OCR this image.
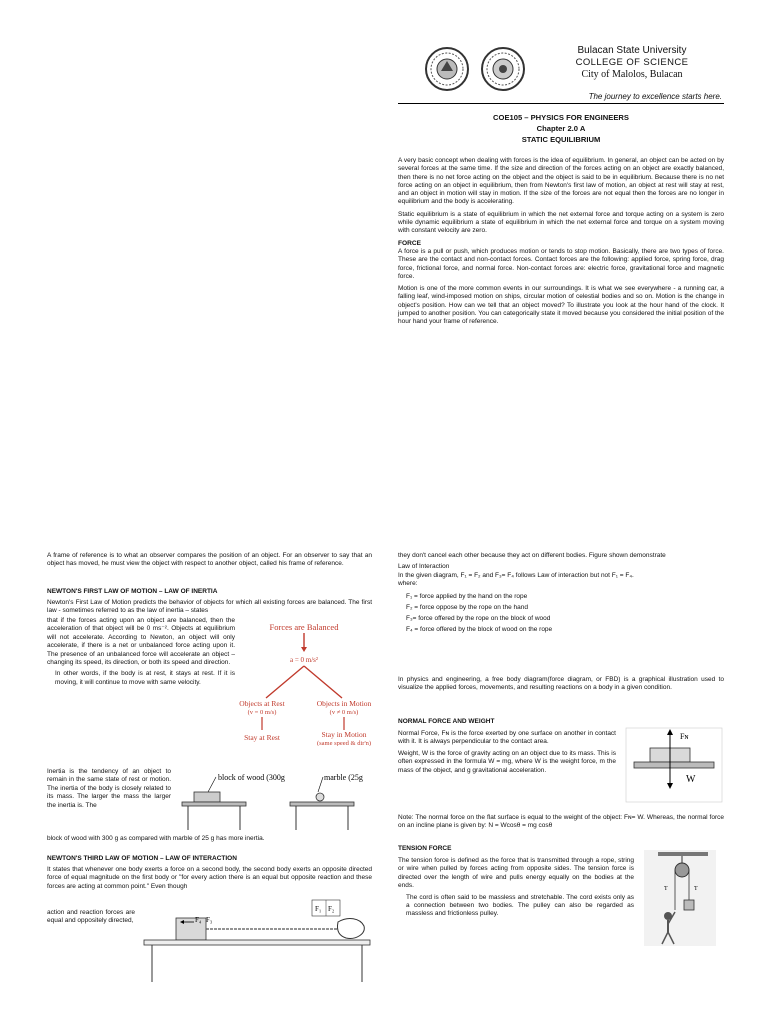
Bulacan State University
COLLEGE OF SCIENCE
City of Malolos, Bulacan
The journey to excellence starts here.
COE105 – PHYSICS FOR ENGINEERS
Chapter 2.0 A
STATIC EQUILIBRIUM

A very basic concept when dealing with forces is the idea of equilibrium. In general, an object can be acted on by several forces at the same time. If the size and direction of the forces acting on an object are exactly balanced, then there is no net force acting on the object and the object is said to be in equilibrium. Because there is no net force acting on an object in equilibrium, then from Newton's first law of motion, an object at rest will stay at rest, and an object in motion will stay in motion. If the size of the forces are not equal then the forces are no longer in equilibrium and the body is accelerating.

Static equilibrium is a state of equilibrium in which the net external force and torque acting on a system is zero while dynamic equilibrium a state of equilibrium in which the net external force and torque on a system moving with constant velocity are zero.

FORCE

A force is a pull or push, which produces motion or tends to stop motion. Basically, there are two types of force. These are the contact and non-contact forces. Contact forces are the following: applied force, spring force, drag force, frictional force, and normal force. Non-contact forces are: electric force, gravitational force and magnetic force.

Motion is one of the more common events in our surroundings. It is what we see everywhere - a running car, a falling leaf, wind-imposed motion on ships, circular motion of celestial bodies and so on. Motion is the change in object's position. How can we tell that an object moved? To illustrate you look at the hour hand of the clock. It jumped to another position. You can categorically state it moved because you considered the initial position of the hour hand your frame of reference.

A frame of reference is to what an observer compares the position of an object. For an observer to say that an object has moved, he must view the object with respect to another object, called his frame of reference.
NEWTON'S FIRST LAW OF MOTION – LAW OF INERTIA
Newton's First Law of Motion predicts the behavior of objects for which all existing forces are balanced. The first law - sometimes referred to as the law of inertia – states

that if the forces acting upon an object are balanced, then the acceleration of that object will be 0 ms⁻². Objects at equilibrium will not accelerate. According to Newton, an object will only accelerate, if there is a net or unbalanced force acting upon it. The presence of an unbalanced force will accelerate an object – changing its speed, its direction, or both its speed and direction.

In other words, if the body is at rest, it stays at rest. If it is moving, it will continue to move with same velocity.

Forces are Balanced
a = 0 m/s²
Objects at Rest
(v = 0 m/s)
Objects in Motion
(v ≠ 0 m/s)
Stay at Rest	Stay in Motion
(same speed & dir'n)
Inertia is the tendency of an object to remain in the same state of rest or motion. The inertia of the body is closely related to its mass. The larger the mass the larger the inertia is. The
block of wood (300g	marble (25g
block of wood with 300 g as compared with marble of 25 g has more inertia.
NEWTON'S THIRD LAW OF MOTION – LAW OF INTERACTION
It states that whenever one body exerts a force on a second body, the second body exerts an opposite directed force of equal magnitude on the first body or "for every action there is an equal but opposite reaction and these forces are acting at common point." Even though
action and reaction forces are equal and oppositely directed,	F₄ F₃
F₁ F₂

they don't cancel each other because they act on different bodies. Figure shown demonstrate

Law of Interaction
In the given diagram, F₁ = F₂ and F₃= F₄ follows Law of interaction but not F₁ = F₄.
where:
F₁ = force applied by the hand on the rope
F₂ = force oppose by the rope on the hand
F₃= force offered by the rope on the block of wood
F₄ = force offered by the block of wood on the rope
In physics and engineering, a free body diagram(force diagram, or FBD) is a graphical illustration used to visualize the applied forces, movements, and resulting reactions on a body in a given condition.
NORMAL FORCE AND WEIGHT

Normal Force, Fɴ is the force exerted by one surface on another in contact with it. It is always perpendicular to the contact area.

Weight, W is the force of gravity acting on an object due to its mass. This is often expressed in the formula W = mg, where W is the weight force, m the mass of the object, and g gravitational acceleration.

Fɴ
W
Note: The normal force on the flat surface is equal to the weight of the object: Fɴ= W. Whereas, the normal force on an incline plane is given by: N = Wcosθ = mg cosθ
TENSION FORCE

The tension force is defined as the force that is transmitted through a rope, string or wire when pulled by forces acting from opposite sides. The tension force is directed over the length of wire and pulls energy equally on the bodies at the ends.

The cord is often said to be massless and stretchable. The cord exists only as a connection between two bodies. The pulley can also be regarded as massless and frictionless pulley.

T
T
